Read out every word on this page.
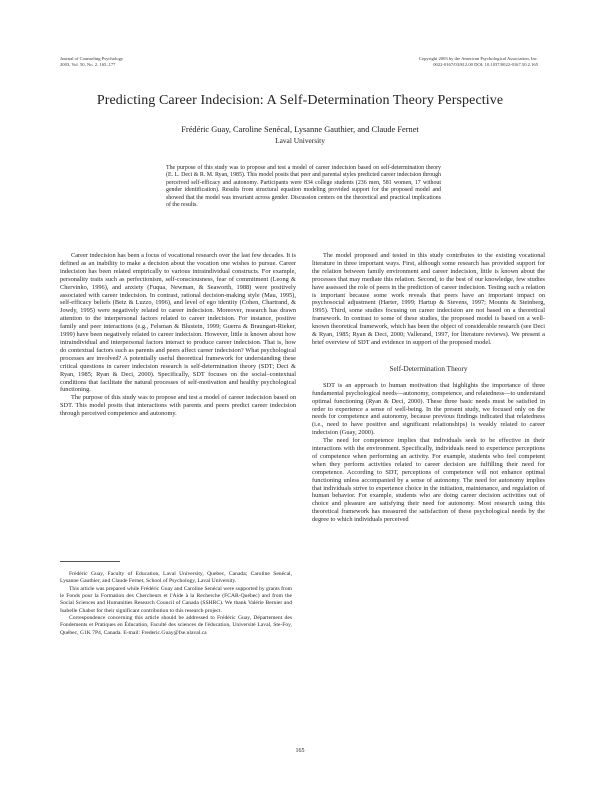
Journal of Counseling Psychology
2003, Vol. 50, No. 2, 165–177
Copyright 2003 by the American Psychological Association, Inc.
0022-0167/03/$12.00 DOI: 10.1037/0022-0167.50.2.165
Predicting Career Indecision: A Self-Determination Theory Perspective
Frédéric Guay, Caroline Senécal, Lysanne Gauthier, and Claude Fernet
Laval University
The purpose of this study was to propose and test a model of career indecision based on self-determination theory (E. L. Deci & R. M. Ryan, 1985). This model posits that peer and parental styles predicted career indecision through perceived self-efficacy and autonomy. Participants were 834 college students (236 men, 581 women, 17 without gender identification). Results from structural equation modeling provided support for the proposed model and showed that the model was invariant across gender. Discussion centers on the theoretical and practical implications of the results.

Career indecision has been a focus of vocational research over the last few decades. It is defined as an inability to make a decision about the vocation one wishes to pursue. Career indecision has been related empirically to various intraindividual constructs. For example, personality traits such as perfectionism, self-consciousness, fear of commitment (Leong & Chervinko, 1996), and anxiety (Fuqua, Newman, & Seaworth, 1988) were positively associated with career indecision. In contrast, rational decision-making style (Mau, 1995), self-efficacy beliefs (Betz & Luzzo, 1996), and level of ego identity (Cohen, Chartrand, & Jowdy, 1995) were negatively related to career indecision. Moreover, research has drawn attention to the interpersonal factors related to career indecision. For instance, positive family and peer interactions (e.g., Felsman & Blustein, 1999; Guerra & Braungart-Rieker, 1999) have been negatively related to career indecision. However, little is known about how intraindividual and interpersonal factors interact to produce career indecision. That is, how do contextual factors such as parents and peers affect career indecision? What psychological processes are involved? A potentially useful theoretical framework for understanding these critical questions in career indecision research is self-determination theory (SDT; Deci & Ryan, 1985; Ryan & Deci, 2000). Specifically, SDT focuses on the social–contextual conditions that facilitate the natural processes of self-motivation and healthy psychological functioning.

The purpose of this study was to propose and test a model of career indecision based on SDT. This model posits that interactions with parents and peers predict career indecision through perceived competence and autonomy.

The model proposed and tested in this study contributes to the existing vocational literature in three important ways. First, although some research has provided support for the relation between family environment and career indecision, little is known about the processes that may mediate this relation. Second, to the best of our knowledge, few studies have assessed the role of peers in the prediction of career indecision. Testing such a relation is important because some work reveals that peers have an important impact on psychosocial adjustment (Harter, 1999; Hartup & Stevens, 1997; Mounts & Steinberg, 1995). Third, some studies focusing on career indecision are not based on a theoretical framework. In contrast to some of these studies, the proposed model is based on a well-known theoretical framework, which has been the object of considerable research (see Deci & Ryan, 1985; Ryan & Deci, 2000; Vallerand, 1997, for literature reviews). We present a brief overview of SDT and evidence in support of the proposed model.

Self-Determination Theory

SDT is an approach to human motivation that highlights the importance of three fundamental psychological needs—autonomy, competence, and relatedness—to understand optimal functioning (Ryan & Deci, 2000). These three basic needs must be satisfied in order to experience a sense of well-being. In the present study, we focused only on the needs for competence and autonomy, because previous findings indicated that relatedness (i.e., need to have positive and significant relationships) is weakly related to career indecision (Guay, 2000).

The need for competence implies that individuals seek to be effective in their interactions with the environment. Specifically, individuals need to experience perceptions of competence when performing an activity. For example, students who feel competent when they perform activities related to career decision are fulfilling their need for competence. According to SDT, perceptions of competence will not enhance optimal functioning unless accompanied by a sense of autonomy. The need for autonomy implies that individuals strive to experience choice in the initiation, maintenance, and regulation of human behavior. For example, students who are doing career decision activities out of choice and pleasure are satisfying their need for autonomy. Most research using this theoretical framework has measured the satisfaction of these psychological needs by the degree to which individuals perceived

Frédéric Guay, Faculty of Education, Laval University, Quebec, Canada; Caroline Senécal, Lysanne Gauthier, and Claude Fernet, School of Psychology, Laval University.

This article was prepared while Frédéric Guay and Caroline Senécal were supported by grants from le Fonds pour la Formation des Chercheurs et l'Aide à la Recherche (FCAR-Québec) and from the Social Sciences and Humanities Research Council of Canada (SSHRC). We thank Valérie Bernier and Isabelle Chabot for their significant contribution to this research project.

Correspondence concerning this article should be addressed to Frédéric Guay, Département des Fondements et Pratiques en Éducation, Faculté des sciences de l'éducation, Université Laval, Ste-Foy, Québec, G1K 7P4, Canada. E-mail: Frederic.Guay@fse.ulaval.ca

165
